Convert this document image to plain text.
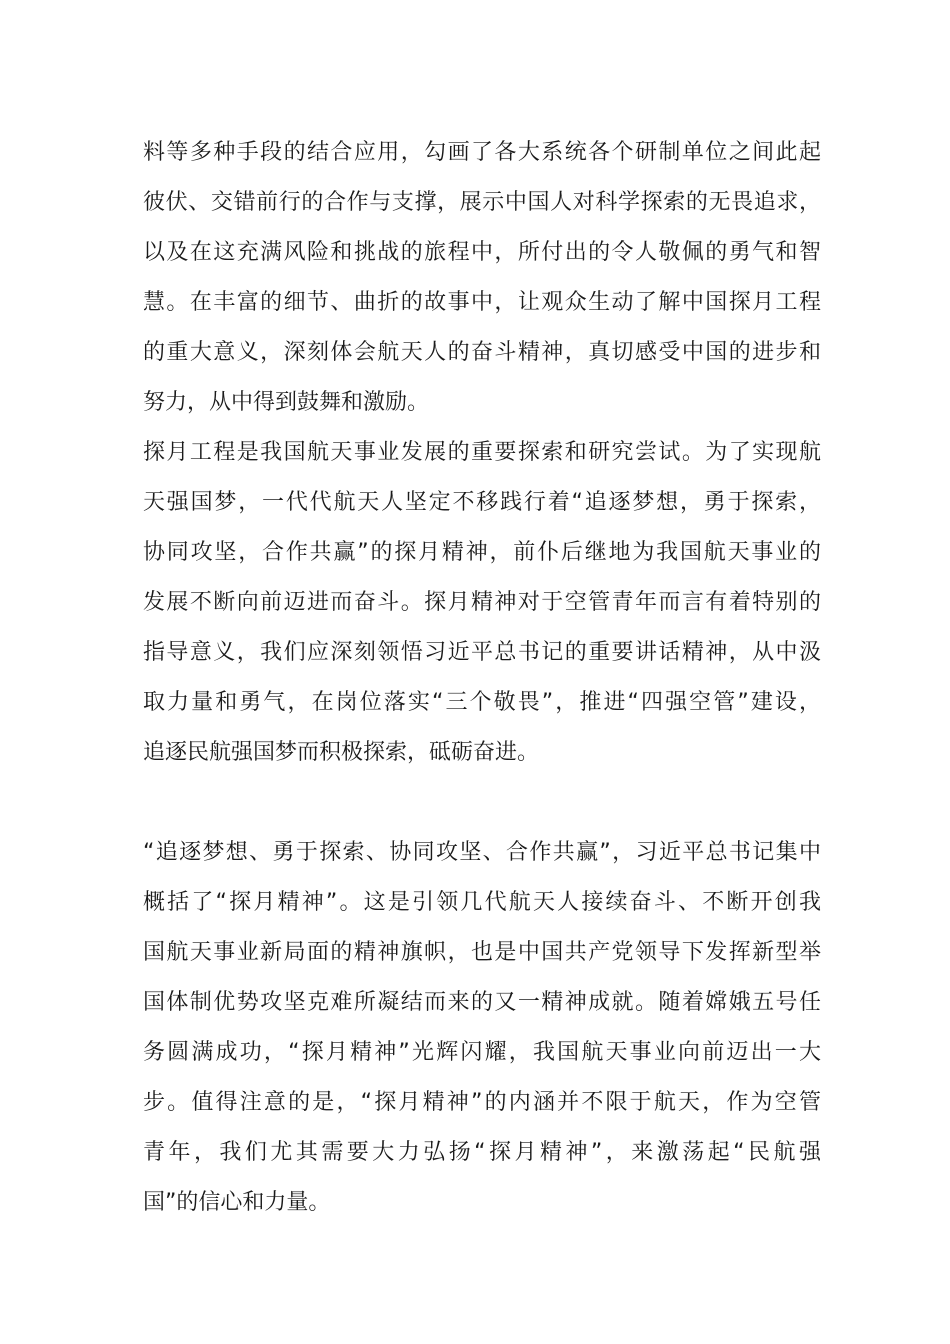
料等多种手段的结合应用，勾画了各大系统各个研制单位之间此起
彼伏、交错前行的合作与支撑，展示中国人对科学探索的无畏追求，
以及在这充满风险和挑战的旅程中，所付出的令人敬佩的勇气和智
慧。在丰富的细节、曲折的故事中，让观众生动了解中国探月工程
的重大意义，深刻体会航天人的奋斗精神，真切感受中国的进步和
努力，从中得到鼓舞和激励。
探月工程是我国航天事业发展的重要探索和研究尝试。为了实现航
天强国梦，一代代航天人坚定不移践行着“追逐梦想，勇于探索，
协同攻坚，合作共赢”的探月精神，前仆后继地为我国航天事业的
发展不断向前迈进而奋斗。探月精神对于空管青年而言有着特别的
指导意义，我们应深刻领悟习近平总书记的重要讲话精神，从中汲
取力量和勇气，在岗位落实“三个敬畏”，推进“四强空管”建设，
追逐民航强国梦而积极探索，砥砺奋进。
“追逐梦想、勇于探索、协同攻坚、合作共赢”，习近平总书记集中
概括了“探月精神”。这是引领几代航天人接续奋斗、不断开创我
国航天事业新局面的精神旗帜，也是中国共产党领导下发挥新型举
国体制优势攻坚克难所凝结而来的又一精神成就。随着嫦娥五号任
务圆满成功，“探月精神”光辉闪耀，我国航天事业向前迈出一大
步。值得注意的是，“探月精神”的内涵并不限于航天，作为空管
青年，我们尤其需要大力弘扬“探月精神”，来激荡起“民航强
国”的信心和力量。
